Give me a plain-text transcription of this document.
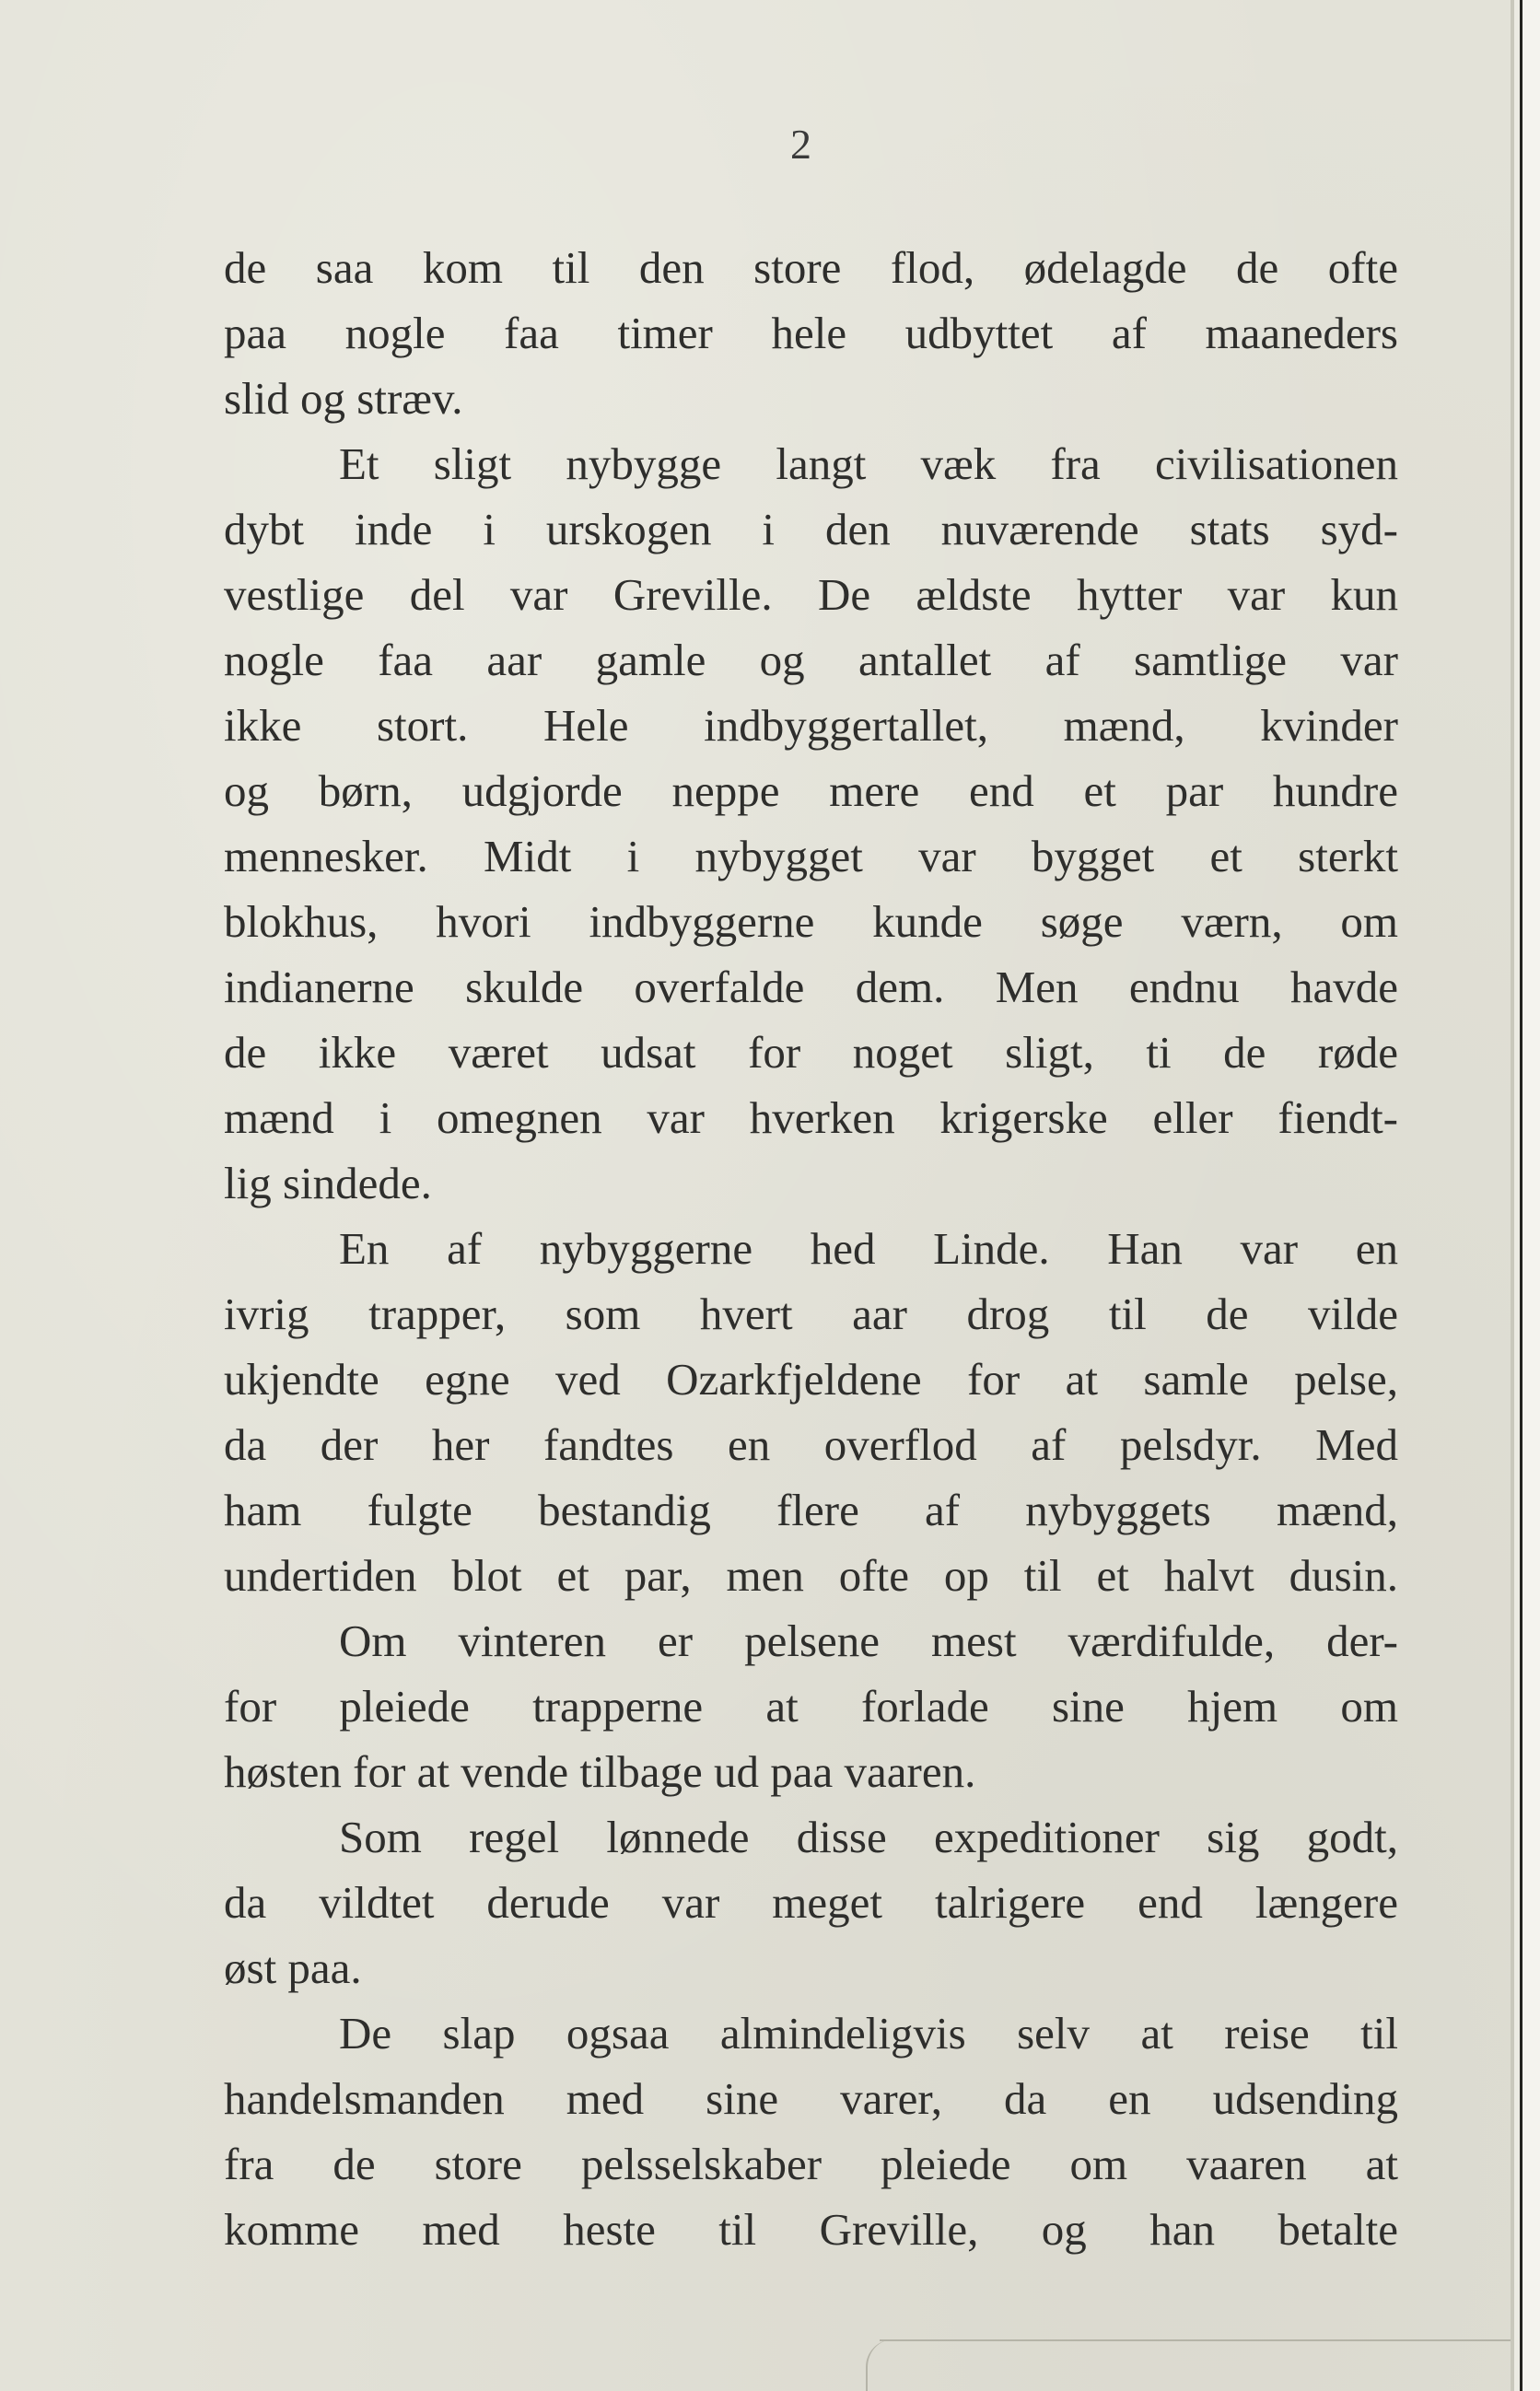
2
de saa kom til den store flod, ødelagde de ofte
paa nogle faa timer hele udbyttet af maaneders
slid og stræv.
Et sligt nybygge langt væk fra civilisationen
dybt inde i urskogen i den nuværende stats syd-
vestlige del var Greville. De ældste hytter var kun
nogle faa aar gamle og antallet af samtlige var
ikke stort. Hele indbyggertallet, mænd, kvinder
og børn, udgjorde neppe mere end et par hundre
mennesker. Midt i nybygget var bygget et sterkt
blokhus, hvori indbyggerne kunde søge værn, om
indianerne skulde overfalde dem. Men endnu havde
de ikke været udsat for noget sligt, ti de røde
mænd i omegnen var hverken krigerske eller fiendt-
lig sindede.
En af nybyggerne hed Linde. Han var en
ivrig trapper, som hvert aar drog til de vilde
ukjendte egne ved Ozarkfjeldene for at samle pelse,
da der her fandtes en overflod af pelsdyr. Med
ham fulgte bestandig flere af nybyggets mænd,
undertiden blot et par, men ofte op til et halvt dusin.
Om vinteren er pelsene mest værdifulde, der-
for pleiede trapperne at forlade sine hjem om
høsten for at vende tilbage ud paa vaaren.
Som regel lønnede disse expeditioner sig godt,
da vildtet derude var meget talrigere end længere
øst paa.
De slap ogsaa almindeligvis selv at reise til
handelsmanden med sine varer, da en udsending
fra de store pelsselskaber pleiede om vaaren at
komme med heste til Greville, og han betalte
